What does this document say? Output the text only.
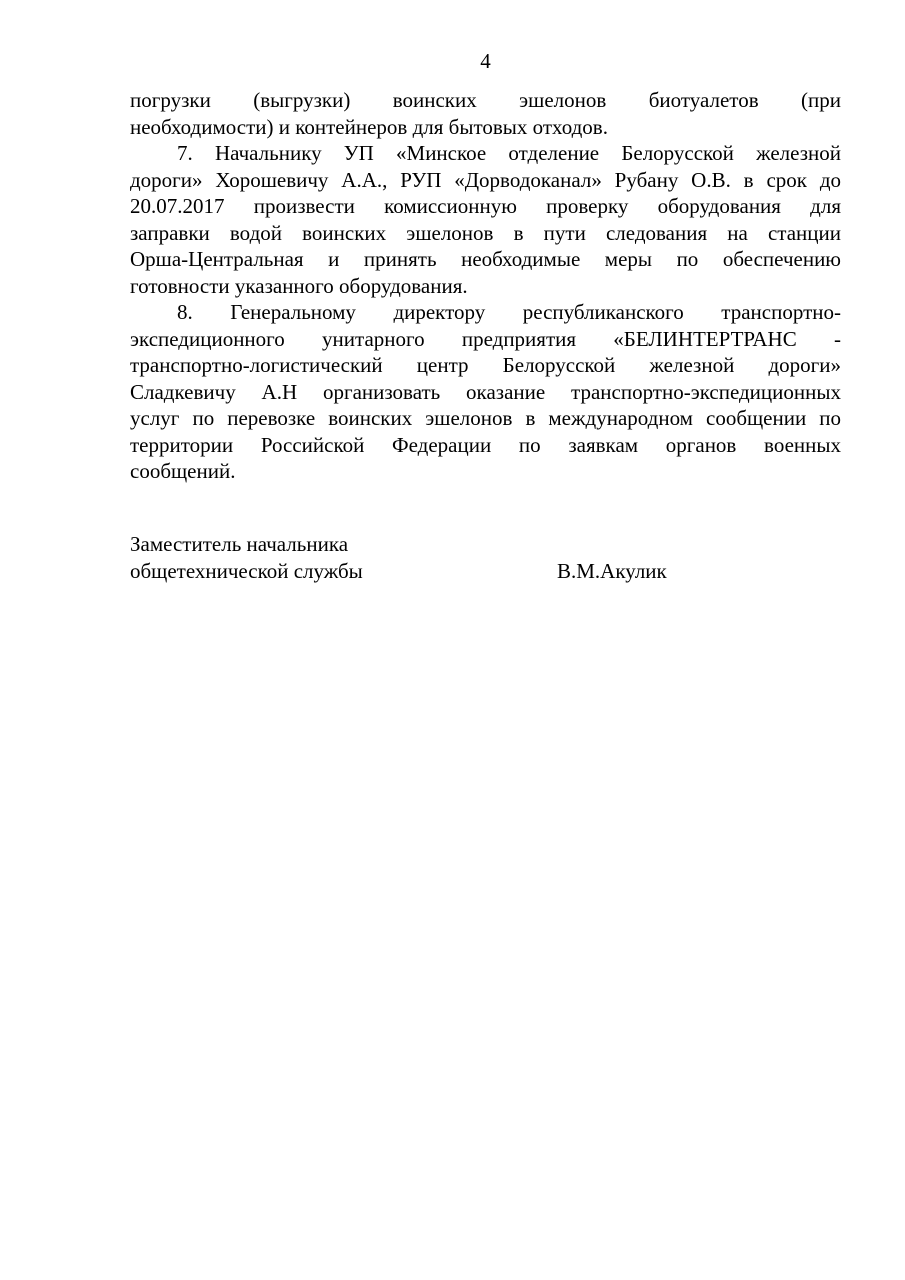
4
погрузки (выгрузки) воинских эшелонов биотуалетов (при
необходимости) и контейнеров для бытовых отходов.
7. Начальнику УП «Минское отделение Белорусской железной
дороги» Хорошевичу А.А., РУП «Дорводоканал» Рубану О.В. в срок до
20.07.2017 произвести комиссионную проверку оборудования для
заправки водой воинских эшелонов в пути следования на станции
Орша-Центральная и принять необходимые меры по обеспечению
готовности указанного оборудования.
8. Генеральному директору республиканского транспортно-
экспедиционного унитарного предприятия «БЕЛИНТЕРТРАНС -
транспортно-логистический центр Белорусской железной дороги»
Сладкевичу А.Н организовать оказание транспортно-экспедиционных
услуг по перевозке воинских эшелонов в международном сообщении по
территории Российской Федерации по заявкам органов военных
сообщений.
Заместитель начальника
общетехнической службы	В.М.Акулик
